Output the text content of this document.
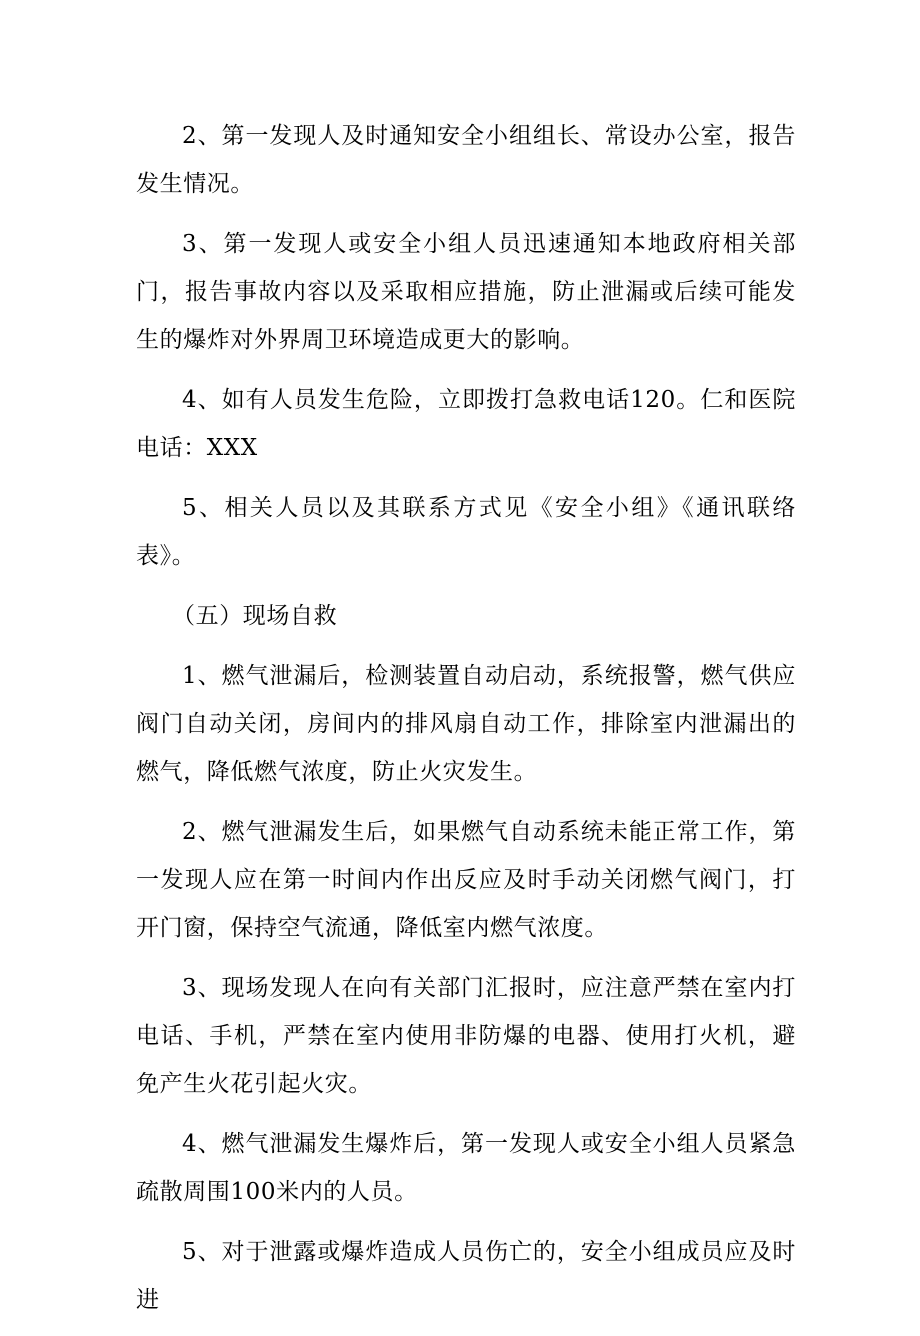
2、第一发现人及时通知安全小组组长、常设办公室，报告发生情况。

3、第一发现人或安全小组人员迅速通知本地政府相关部门，报告事故内容以及采取相应措施，防止泄漏或后续可能发生的爆炸对外界周卫环境造成更大的影响。

4、如有人员发生危险，立即拨打急救电话120。仁和医院电话：XXX

5、相关人员以及其联系方式见《安全小组》《通讯联络表》。

（五）现场自救

1、燃气泄漏后，检测装置自动启动，系统报警，燃气供应阀门自动关闭，房间内的排风扇自动工作，排除室内泄漏出的燃气，降低燃气浓度，防止火灾发生。

2、燃气泄漏发生后，如果燃气自动系统未能正常工作，第一发现人应在第一时间内作出反应及时手动关闭燃气阀门，打开门窗，保持空气流通，降低室内燃气浓度。

3、现场发现人在向有关部门汇报时，应注意严禁在室内打电话、手机，严禁在室内使用非防爆的电器、使用打火机，避免产生火花引起火灾。

4、燃气泄漏发生爆炸后，第一发现人或安全小组人员紧急疏散周围100米内的人员。

5、对于泄露或爆炸造成人员伤亡的，安全小组成员应及时进
